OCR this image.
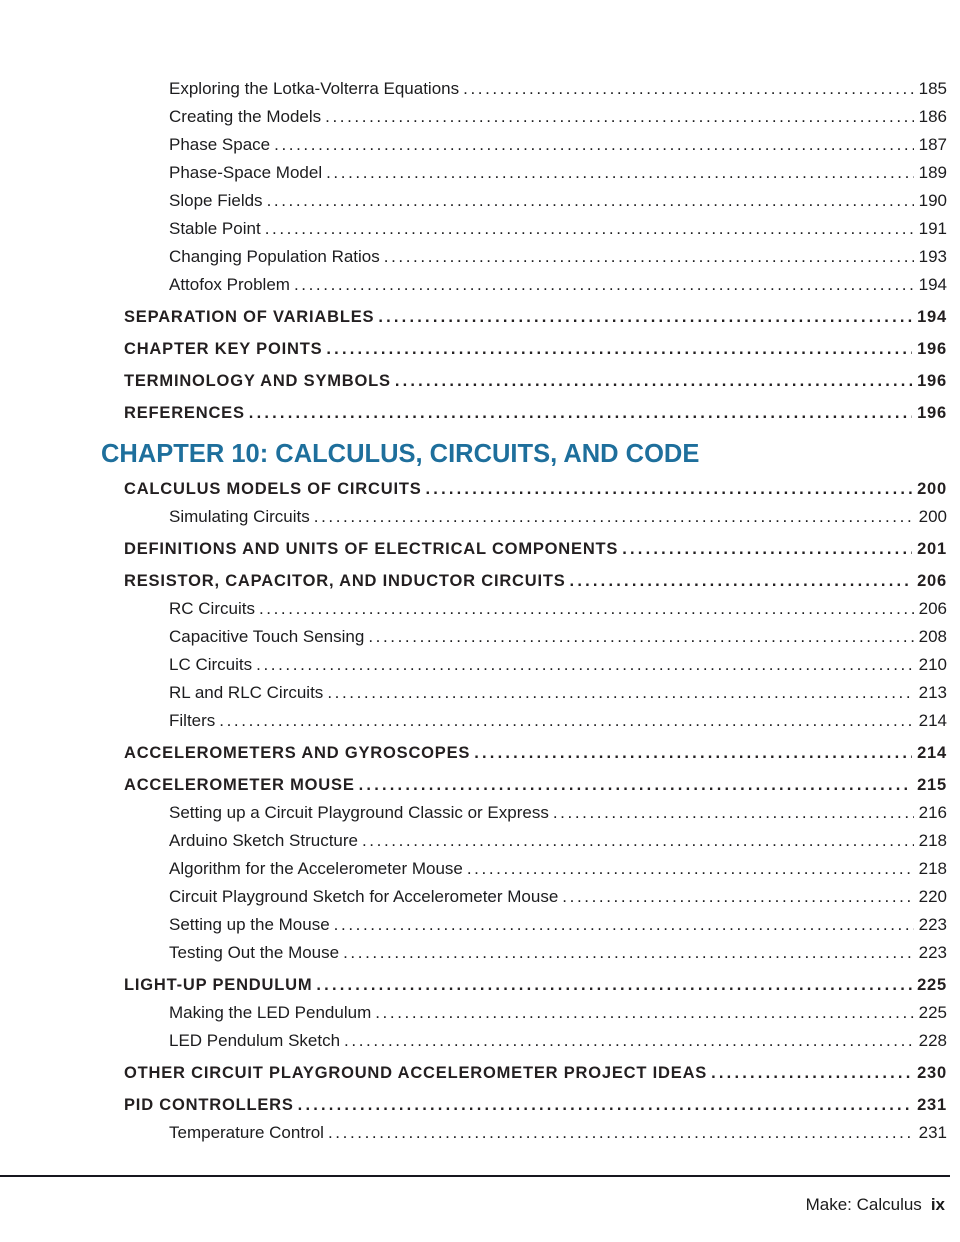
Exploring the Lotka-Volterra Equations .....	185
Creating the Models .....	186
Phase Space .....	187
Phase-Space Model .....	189
Slope Fields .....	190
Stable Point .....	191
Changing Population Ratios .....	193
Attofox Problem .....	194
SEPARATION OF VARIABLES .....	194
CHAPTER KEY POINTS .....	196
TERMINOLOGY AND SYMBOLS .....	196
REFERENCES .....	196
CHAPTER 10: CALCULUS, CIRCUITS, AND CODE
CALCULUS MODELS OF CIRCUITS .....	200
Simulating Circuits .....	200
DEFINITIONS AND UNITS OF ELECTRICAL COMPONENTS .....	201
RESISTOR, CAPACITOR, AND INDUCTOR CIRCUITS .....	206
RC Circuits .....	206
Capacitive Touch Sensing .....	208
LC Circuits .....	210
RL and RLC Circuits .....	213
Filters .....	214
ACCELEROMETERS AND GYROSCOPES .....	214
ACCELEROMETER MOUSE .....	215
Setting up a Circuit Playground Classic or Express .....	216
Arduino Sketch Structure .....	218
Algorithm for the Accelerometer Mouse .....	218
Circuit Playground Sketch for Accelerometer Mouse .....	220
Setting up the Mouse .....	223
Testing Out the Mouse .....	223
LIGHT-UP PENDULUM .....	225
Making the LED Pendulum .....	225
LED Pendulum Sketch .....	228
OTHER CIRCUIT PLAYGROUND ACCELEROMETER PROJECT IDEAS .....	230
PID CONTROLLERS .....	231
Temperature Control .....	231
Make: Calculus ix
